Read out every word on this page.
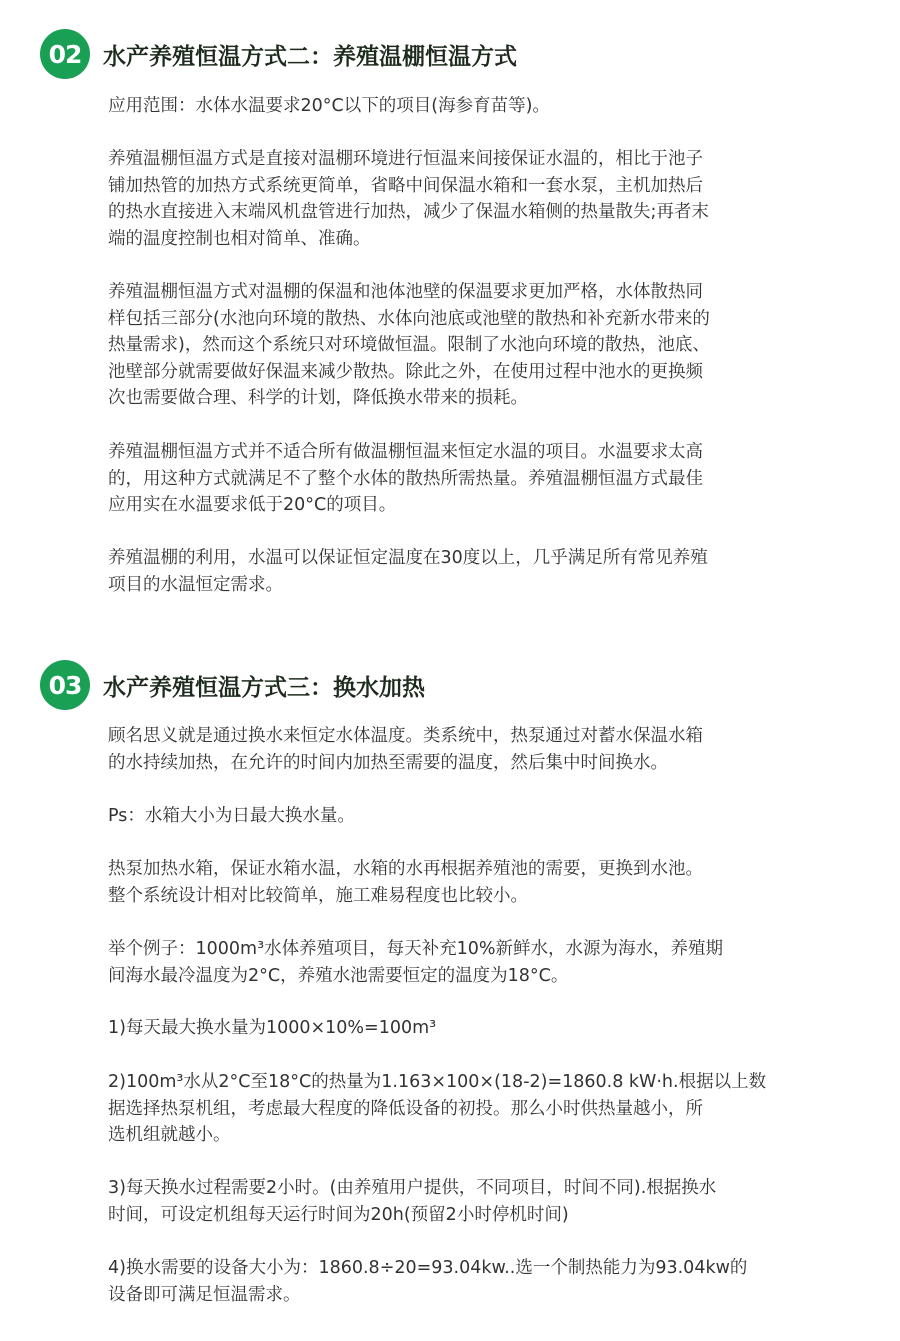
02 水产养殖恒温方式二：养殖温棚恒温方式

应用范围：水体水温要求20°C以下的项目(海参育苗等)。

养殖温棚恒温方式是直接对温棚环境进行恒温来间接保证水温的，相比于池子
铺加热管的加热方式系统更简单，省略中间保温水箱和一套水泵，主机加热后
的热水直接进入末端风机盘管进行加热，减少了保温水箱侧的热量散失;再者末
端的温度控制也相对简单、准确。

养殖温棚恒温方式对温棚的保温和池体池壁的保温要求更加严格，水体散热同
样包括三部分(水池向环境的散热、水体向池底或池壁的散热和补充新水带来的
热量需求)，然而这个系统只对环境做恒温。限制了水池向环境的散热，池底、
池壁部分就需要做好保温来减少散热。除此之外，在使用过程中池水的更换频
次也需要做合理、科学的计划，降低换水带来的损耗。

养殖温棚恒温方式并不适合所有做温棚恒温来恒定水温的项目。水温要求太高
的，用这种方式就满足不了整个水体的散热所需热量。养殖温棚恒温方式最佳
应用实在水温要求低于20°C的项目。

养殖温棚的利用，水温可以保证恒定温度在30度以上，几乎满足所有常见养殖
项目的水温恒定需求。

03 水产养殖恒温方式三：换水加热

顾名思义就是通过换水来恒定水体温度。类系统中，热泵通过对蓄水保温水箱
的水持续加热，在允许的时间内加热至需要的温度，然后集中时间换水。

Ps：水箱大小为日最大换水量。

热泵加热水箱，保证水箱水温，水箱的水再根据养殖池的需要，更换到水池。
整个系统设计相对比较简单，施工难易程度也比较小。

举个例子：1000m³水体养殖项目，每天补充10%新鲜水，水源为海水，养殖期
间海水最冷温度为2°C，养殖水池需要恒定的温度为18°C。

1)每天最大换水量为1000×10%=100m³

2)100m³水从2°C至18°C的热量为1.163×100×(18-2)=1860.8 kW·h.根据以上数
据选择热泵机组，考虑最大程度的降低设备的初投。那么小时供热量越小，所
选机组就越小。

3)每天换水过程需要2小时。(由养殖用户提供，不同项目，时间不同).根据换水
时间，可设定机组每天运行时间为20h(预留2小时停机时间)

4)换水需要的设备大小为：1860.8÷20=93.04kw..选一个制热能力为93.04kw的
设备即可满足恒温需求。
